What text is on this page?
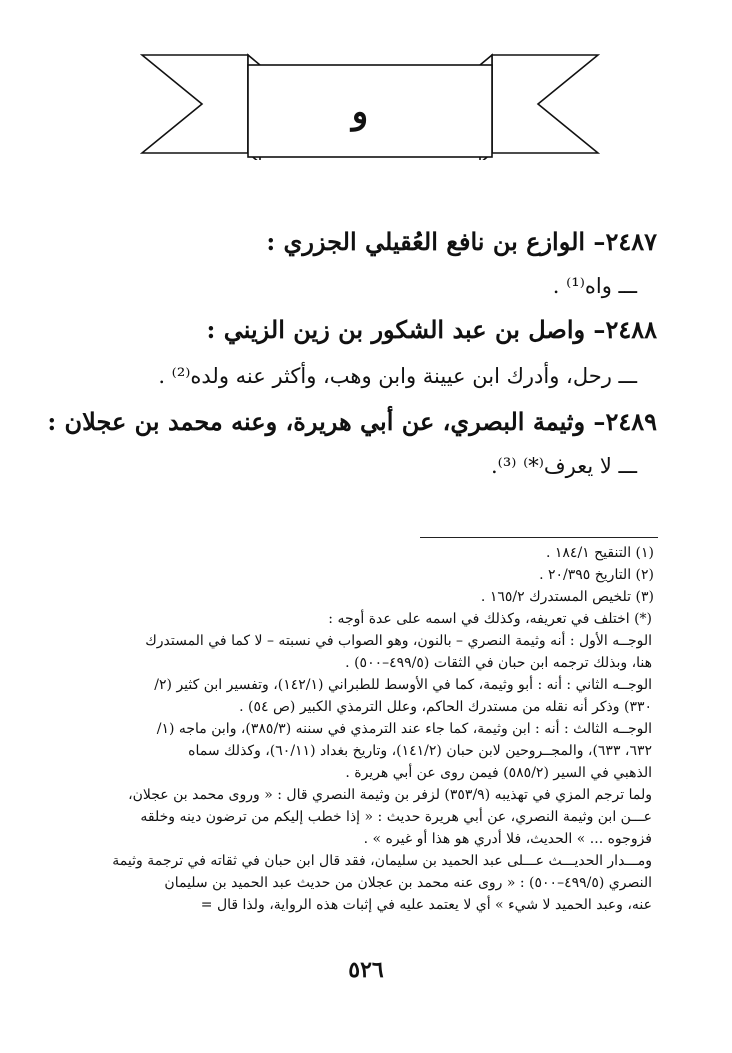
و
٢٤٨٧– الوازع بن نافع العُقيلي الجزري :
ـــ واه⁽¹⁾ .
٢٤٨٨– واصل بن عبد الشكور بن زين الزيني :
ـــ رحل، وأدرك ابن عيينة وابن وهب، وأكثر عنه ولده⁽²⁾ .
٢٤٨٩– وثيمة البصري، عن أبي هريرة، وعنه محمد بن عجلان :
ـــ لا يعرف⁽*⁾ ⁽³⁾.
(١) التنقيح ١٨٤/١ .
(٢) التاريخ ٢٠/٣٩٥ .
(٣) تلخيص المستدرك ١٦٥/٢ .
(*) اختلف في تعريفه، وكذلك في اسمه على عدة أوجه :
الوجــه الأول : أنه وثيمة النصري – بالنون، وهو الصواب في نسبته – لا كما في المستدرك
هنا، وبذلك ترجمه ابن حبان في الثقات (٤٩٩/٥–٥٠٠) .
الوجــه الثاني : أنه : أبو وثيمة، كما في الأوسط للطبراني (١٤٢/١)، وتفسير ابن كثير (٢/
٣٣٠) وذكر أنه نقله من مستدرك الحاكم، وعلل الترمذي الكبير (ص ٥٤) .
الوجــه الثالث : أنه : ابن وثيمة، كما جاء عند الترمذي في سننه (٣٨٥/٣)، وابن ماجه (١/
٦٣٢، ٦٣٣)، والمجــروحين لابن حبان (١٤١/٢)، وتاريخ بغداد (٦٠/١١)، وكذلك سماه
الذهبي في السير (٥٨٥/٢) فيمن روى عن أبي هريرة .
ولما ترجم المزي في تهذيبه (٣٥٣/٩) لزفر بن وثيمة النصري قال : « وروى محمد بن عجلان،
عـــن ابن وثيمة النصري، عن أبي هريرة حديث : « إذا خطب إليكم من ترضون دينه وخلقه
فزوجوه ... » الحديث، فلا أدري هو هذا أو غيره » .
ومـــدار الحديـــث عـــلى عبد الحميد بن سليمان، فقد قال ابن حبان في ثقاته في ترجمة وثيمة
النصري (٤٩٩/٥–٥٠٠) : « روى عنه محمد بن عجلان من حديث عبد الحميد بن سليمان
عنه، وعبد الحميد لا شيء » أي لا يعتمد عليه في إثبات هذه الرواية، ولذا قال =
٥٢٦
